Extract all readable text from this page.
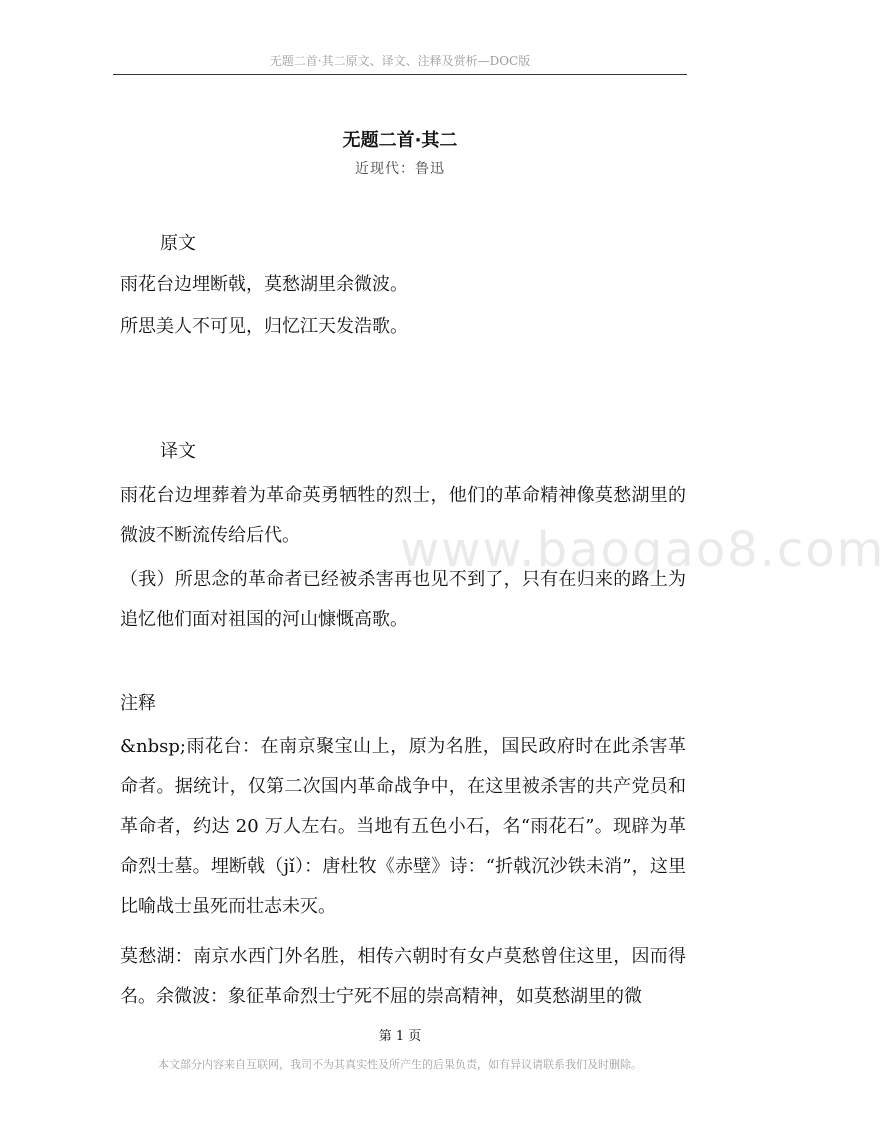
无题二首·其二原文、译文、注释及赏析—DOC版
无题二首·其二
近现代：鲁迅
www.baogao8.com
原文
雨花台边埋断戟，莫愁湖里余微波。
所思美人不可见，归忆江天发浩歌。
译文
雨花台边埋葬着为革命英勇牺牲的烈士，他们的革命精神像莫愁湖里的微波不断流传给后代。
（我）所思念的革命者已经被杀害再也见不到了，只有在归来的路上为追忆他们面对祖国的河山慷慨高歌。
注释
&nbsp;雨花台：在南京聚宝山上，原为名胜，国民政府时在此杀害革命者。据统计，仅第二次国内革命战争中，在这里被杀害的共产党员和革命者，约达 20 万人左右。当地有五色小石，名“雨花石”。现辟为革命烈士墓。埋断戟（jǐ）：唐杜牧《赤壁》诗：“折戟沉沙铁未消”，这里比喻战士虽死而壮志未灭。
莫愁湖：南京水西门外名胜，相传六朝时有女卢莫愁曾住这里，因而得名。余微波：象征革命烈士宁死不屈的崇高精神，如莫愁湖里的微
第 1 页
本文部分内容来自互联网，我司不为其真实性及所产生的后果负责，如有异议请联系我们及时删除。
